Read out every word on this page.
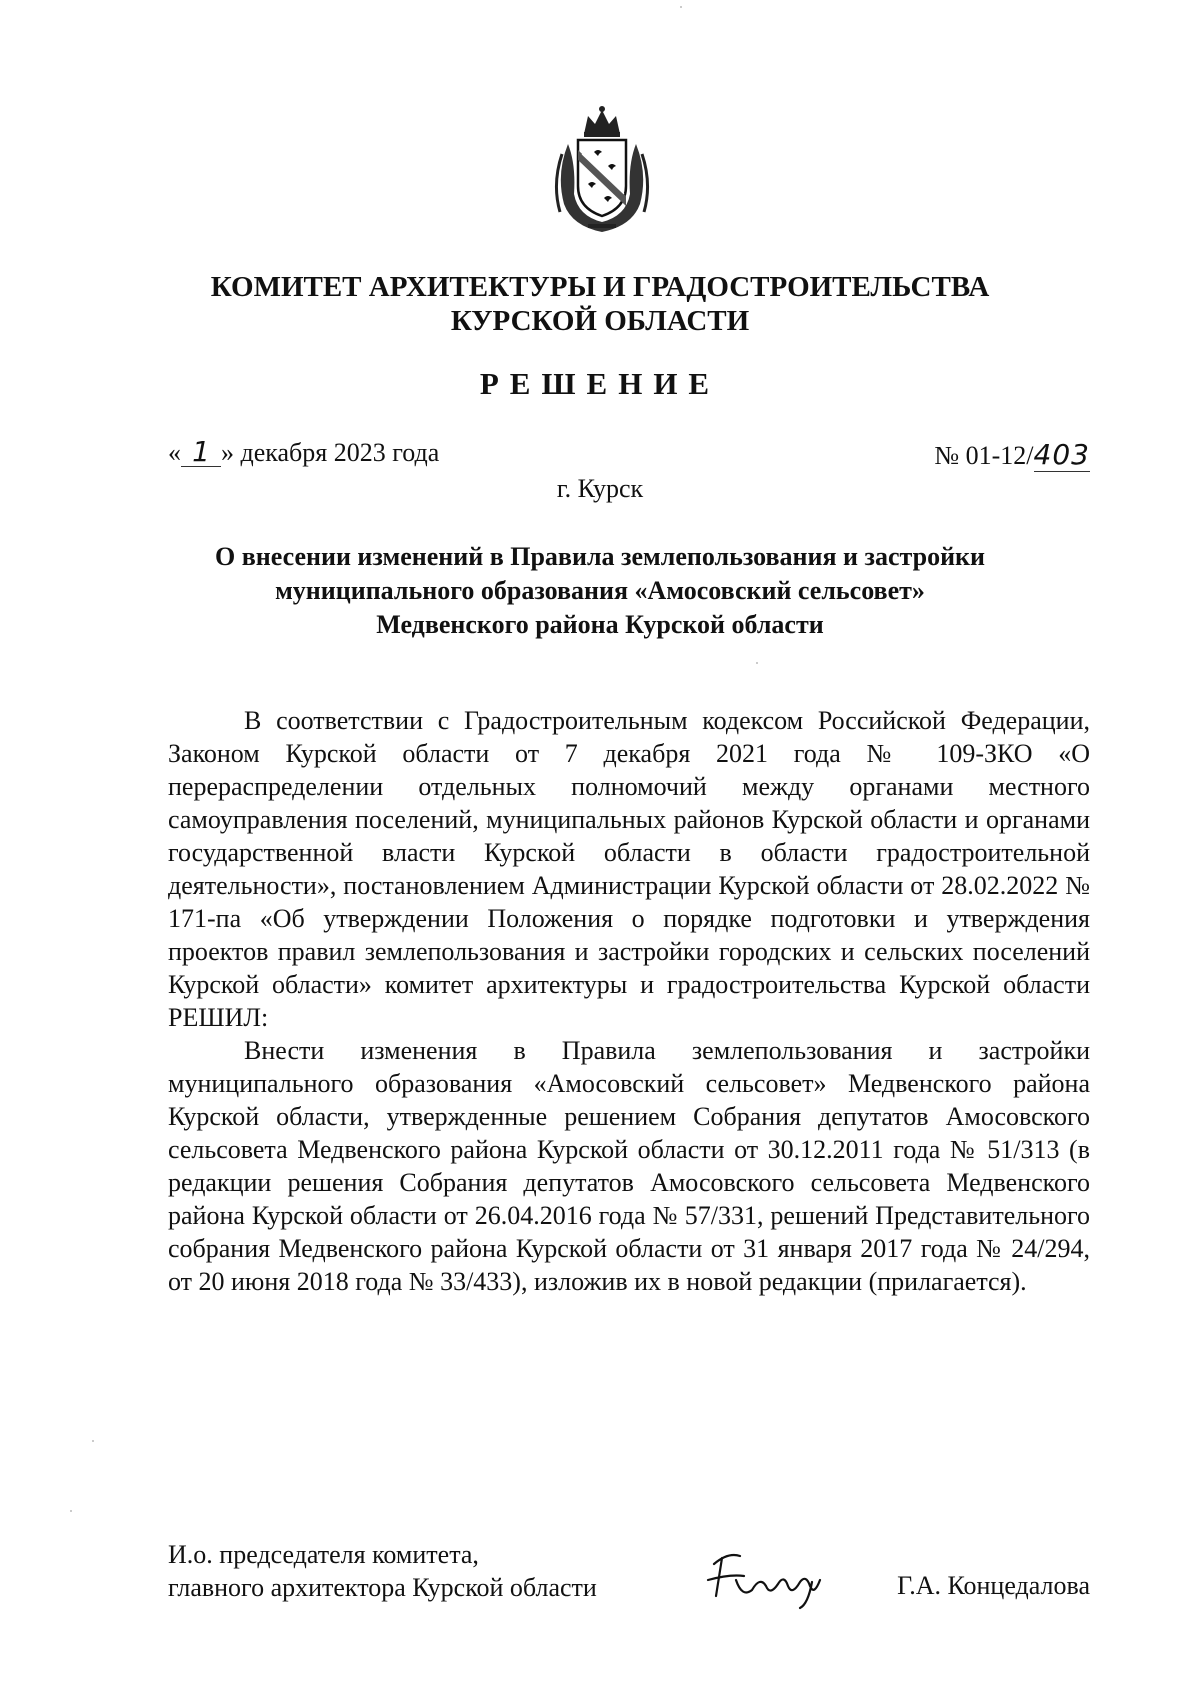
КОМИТЕТ АРХИТЕКТУРЫ И ГРАДОСТРОИТЕЛЬСТВА
КУРСКОЙ ОБЛАСТИ
РЕШЕНИЕ
« 1 » декабря 2023 года	№ 01-12/403
г. Курск
О внесении изменений в Правила землепользования и застройки
муниципального образования «Амосовский сельсовет»
Медвенского района Курской области

В соответствии с Градостроительным кодексом Российской Федерации, Законом Курской области от 7 декабря 2021 года № 109-ЗКО «О перераспределении отдельных полномочий между органами местного самоуправления поселений, муниципальных районов Курской области и органами государственной власти Курской области в области градостроительной деятельности», постановлением Администрации Курской области от 28.02.2022 № 171-па «Об утверждении Положения о порядке подготовки и утверждения проектов правил землепользования и застройки городских и сельских поселений Курской области» комитет архитектуры и градостроительства Курской области РЕШИЛ:

Внести изменения в Правила землепользования и застройки муниципального образования «Амосовский сельсовет» Медвенского района Курской области, утвержденные решением Собрания депутатов Амосовского сельсовета Медвенского района Курской области от 30.12.2011 года № 51/313 (в редакции решения Собрания депутатов Амосовского сельсовета Медвенского района Курской области от 26.04.2016 года № 57/331, решений Представительного собрания Медвенского района Курской области от 31 января 2017 года № 24/294, от 20 июня 2018 года № 33/433), изложив их в новой редакции (прилагается).

И.о. председателя комитета,
главного архитектора Курской области	Г.А. Концедалова
